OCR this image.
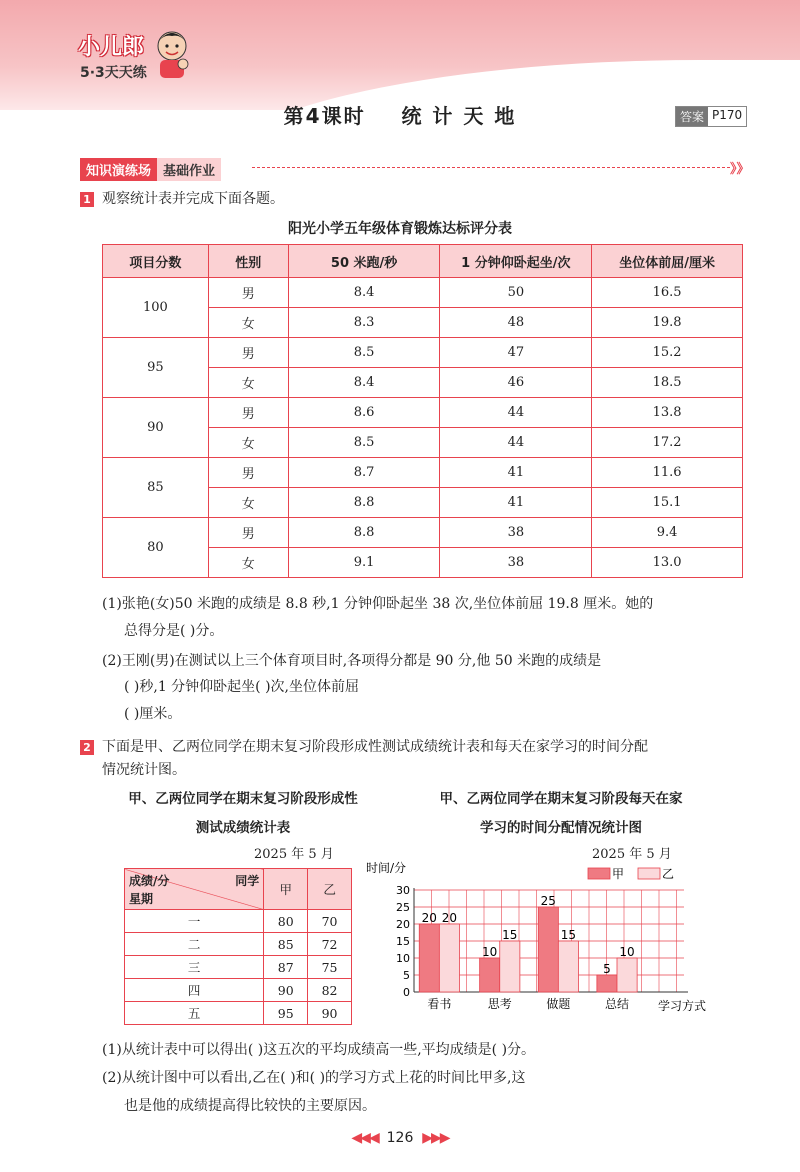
小儿郎
5·3天天练
第4课时 统 计 天 地	答案 P170
知识演练场 基础作业	》》
1 观察统计表并完成下面各题。
阳光小学五年级体育锻炼达标评分表
项目分数	性别	50 米跑/秒	1 分钟仰卧起坐/次	坐位体前屈/厘米
100	男	8.4	50	16.5
	女	8.3	48	19.8
95	男	8.5	47	15.2
	女	8.4	46	18.5
90	男	8.6	44	13.8
	女	8.5	44	17.2
85	男	8.7	41	11.6
	女	8.8	41	15.1
80	男	8.8	38	9.4
	女	9.1	38	13.0
(1)张艳(女)50 米跑的成绩是 8.8 秒,1 分钟仰卧起坐 38 次,坐位体前屈 19.8 厘米。她的
总得分是( )分。
(2)王刚(男)在测试以上三个体育项目时,各项得分都是 90 分,他 50 米跑的成绩是
( )秒,1 分钟仰卧起坐( )次,坐位体前屈
( )厘米。
2 下面是甲、乙两位同学在期末复习阶段形成性测试成绩统计表和每天在家学习的时间分配
情况统计图。
甲、乙两位同学在期末复习阶段形成性
测试成绩统计表
2025 年 5 月
成绩/分 同学
星期	甲	乙
一	80	70
二	85	72
三	87	75
四	90	82
五	95	90
甲、乙两位同学在期末复习阶段每天在家
学习的时间分配情况统计图
2025 年 5 月
0
5
10
15
20
25
30
时间/分
学习方式
甲	乙
20 20
看书
10
15
思考
25
15
做题
5
10
总结
(1)从统计表中可以得出( )这五次的平均成绩高一些,平均成绩是( )分。
(2)从统计图中可以看出,乙在( )和( )的学习方式上花的时间比甲多,这
也是他的成绩提高得比较快的主要原因。
◀◀◀ 126 ▶▶▶
